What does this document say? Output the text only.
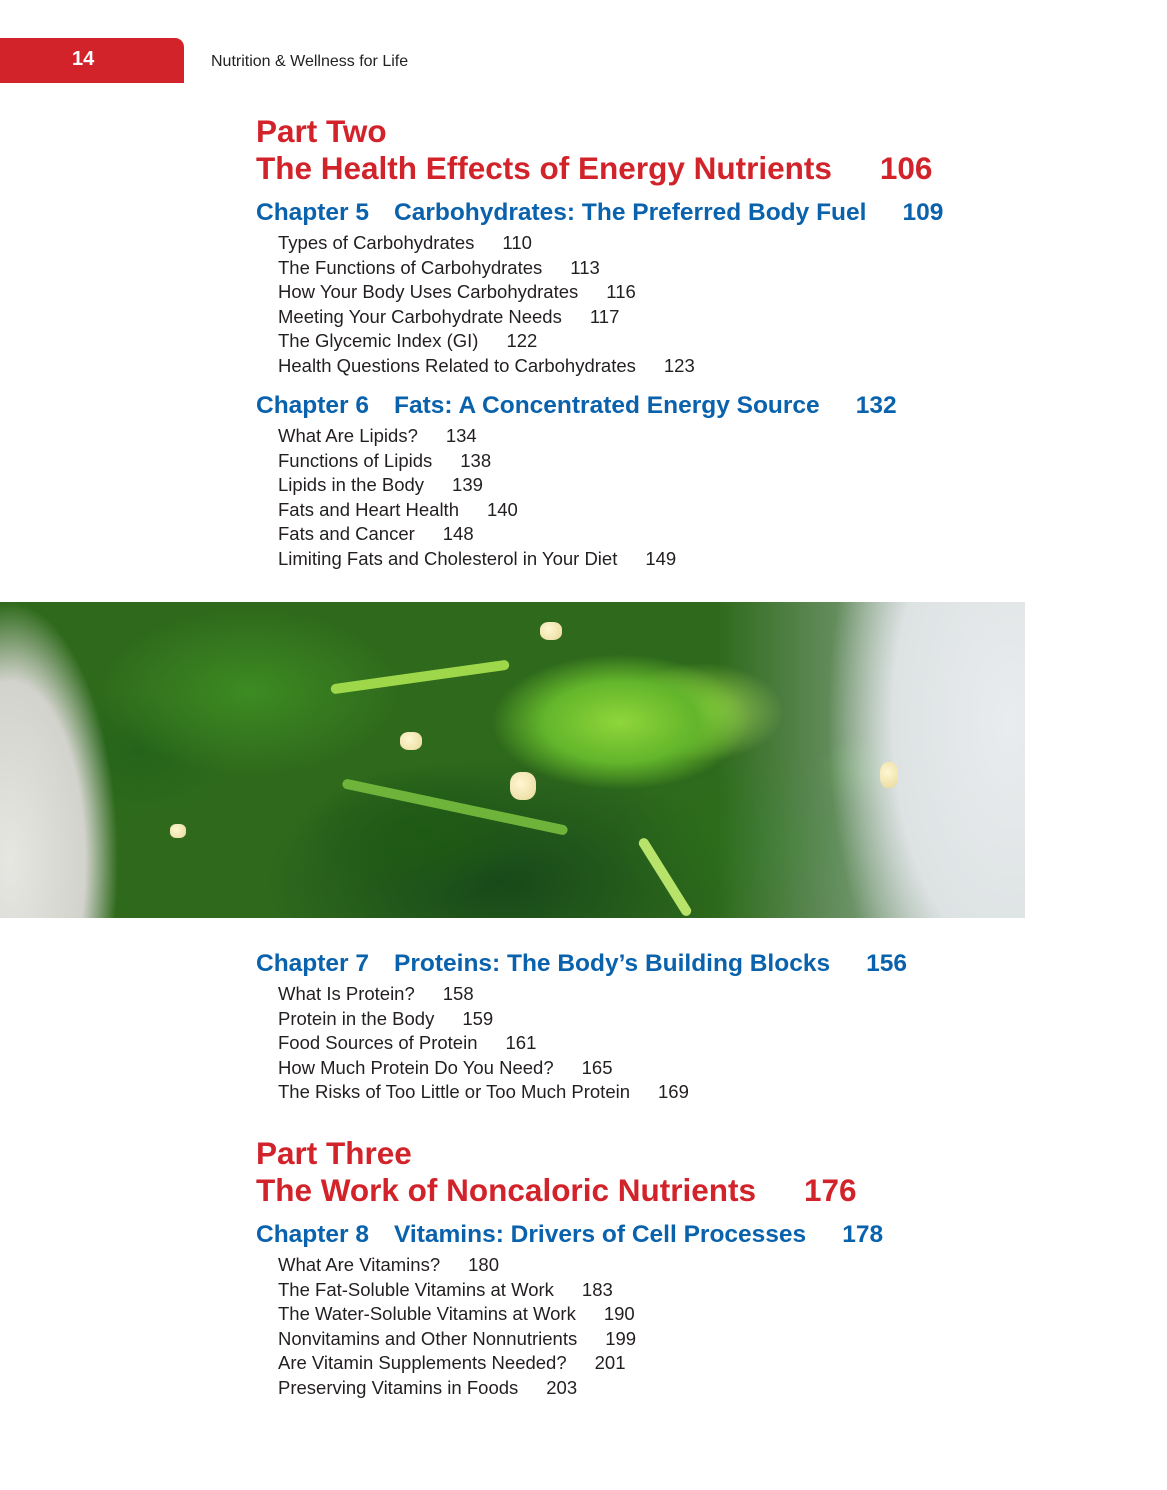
14	Nutrition & Wellness for Life
Part Two
The Health Effects of Energy Nutrients 106
Chapter 5 Carbohydrates: The Preferred Body Fuel 109
Types of Carbohydrates 110
The Functions of Carbohydrates 113
How Your Body Uses Carbohydrates 116
Meeting Your Carbohydrate Needs 117
The Glycemic Index (GI) 122
Health Questions Related to Carbohydrates 123
Chapter 6 Fats: A Concentrated Energy Source 132
What Are Lipids? 134
Functions of Lipids 138
Lipids in the Body 139
Fats and Heart Health 140
Fats and Cancer 148
Limiting Fats and Cholesterol in Your Diet 149
Chapter 7 Proteins: The Body’s Building Blocks 156
What Is Protein? 158
Protein in the Body 159
Food Sources of Protein 161
How Much Protein Do You Need? 165
The Risks of Too Little or Too Much Protein 169
Part Three
The Work of Noncaloric Nutrients 176
Chapter 8 Vitamins: Drivers of Cell Processes 178
What Are Vitamins? 180
The Fat-Soluble Vitamins at Work 183
The Water-Soluble Vitamins at Work 190
Nonvitamins and Other Nonnutrients 199
Are Vitamin Supplements Needed? 201
Preserving Vitamins in Foods 203
